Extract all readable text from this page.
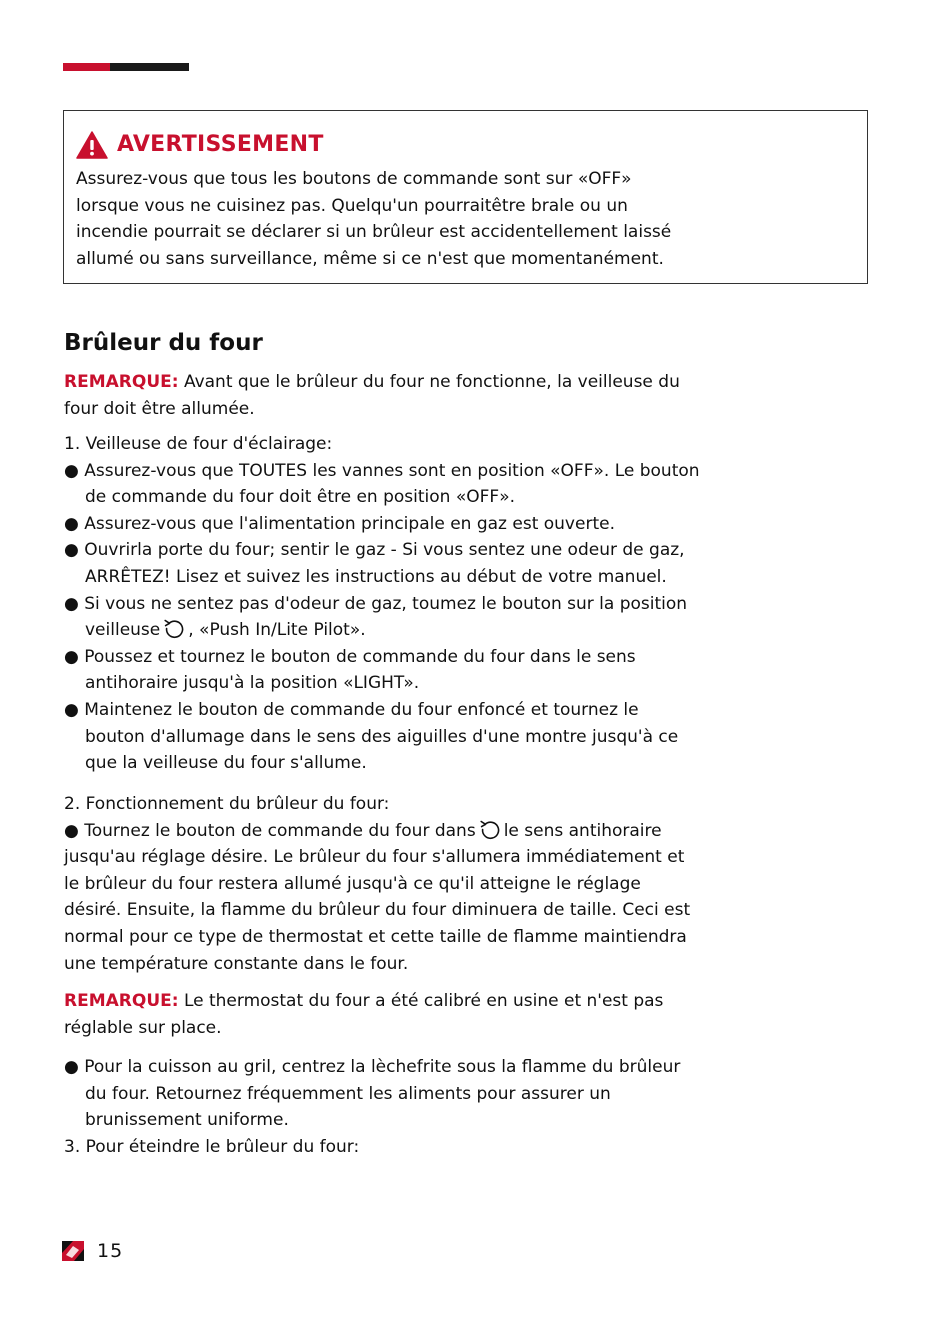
AVERTISSEMENT
Assurez-vous que tous les boutons de commande sont sur «OFF»
lorsque vous ne cuisinez pas. Quelqu'un pourraitêtre brale ou un
incendie pourrait se déclarer si un brûleur est accidentellement laissé
allumé ou sans surveillance, même si ce n'est que momentanément.
Brûleur du four
REMARQUE: Avant que le brûleur du four ne fonctionne, la veilleuse du
four doit être allumée.
1. Veilleuse de four d'éclairage:
● Assurez-vous que TOUTES les vannes sont en position «OFF». Le bouton
de commande du four doit être en position «OFF».
● Assurez-vous que l'alimentation principale en gaz est ouverte.
● Ouvrirla porte du four; sentir le gaz - Si vous sentez une odeur de gaz,
ARRÊTEZ! Lisez et suivez les instructions au début de votre manuel.
● Si vous ne sentez pas d'odeur de gaz, toumez le bouton sur la position
veilleuse , «Push In/Lite Pilot».
● Poussez et tournez le bouton de commande du four dans le sens
antihoraire jusqu'à la position «LIGHT».
● Maintenez le bouton de commande du four enfoncé et tournez le
bouton d'allumage dans le sens des aiguilles d'une montre jusqu'à ce
que la veilleuse du four s'allume.
2. Fonctionnement du brûleur du four:
● Tournez le bouton de commande du four dans le sens antihoraire
jusqu'au réglage désire. Le brûleur du four s'allumera immédiatement et
le brûleur du four restera allumé jusqu'à ce qu'il atteigne le réglage
désiré. Ensuite, la flamme du brûleur du four diminuera de taille. Ceci est
normal pour ce type de thermostat et cette taille de flamme maintiendra
une température constante dans le four.
REMARQUE: Le thermostat du four a été calibré en usine et n'est pas
réglable sur place.
● Pour la cuisson au gril, centrez la lèchefrite sous la flamme du brûleur
du four. Retournez fréquemment les aliments pour assurer un
brunissement uniforme.
3. Pour éteindre le brûleur du four:
15
